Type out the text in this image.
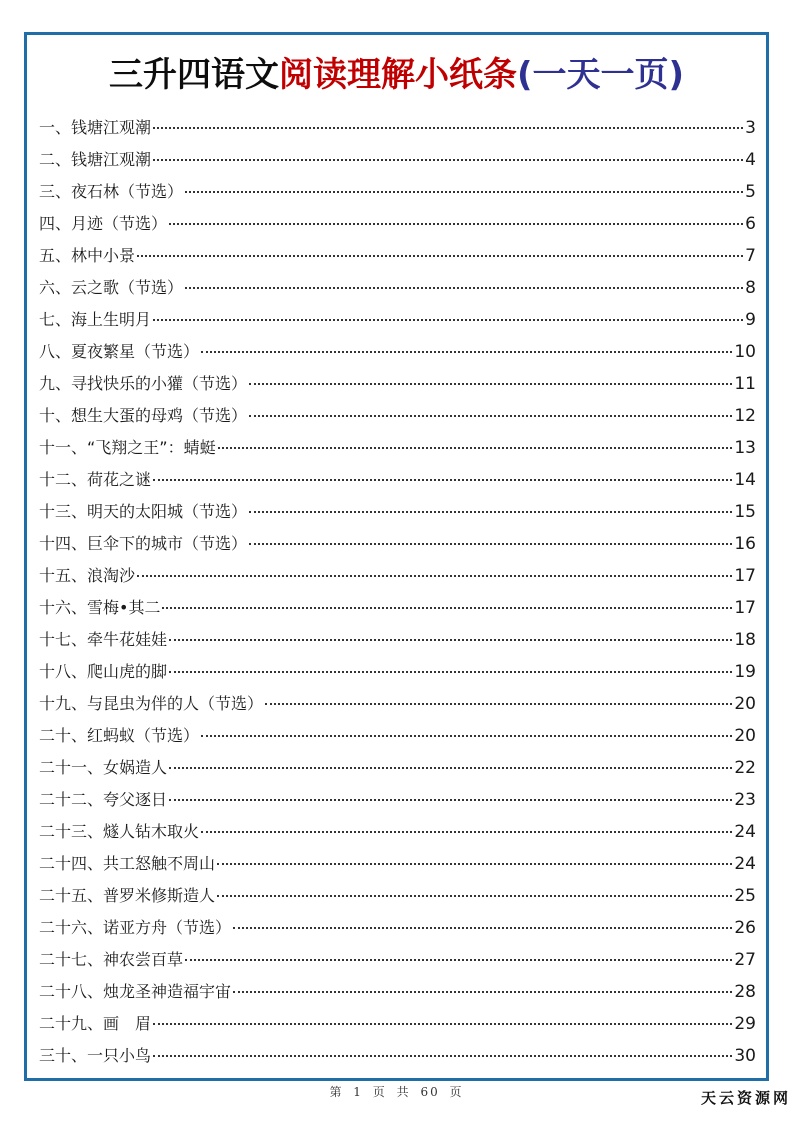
三升四语文阅读理解小纸条(一天一页)
一、钱塘江观潮	3
二、钱塘江观潮	4
三、夜石林（节选）	5
四、月迹（节选）	6
五、林中小景	7
六、云之歌（节选）	8
七、海上生明月	9
八、夏夜繁星（节选）	10
九、寻找快乐的小獾（节选）	11
十、想生大蛋的母鸡（节选）	12
十一、“飞翔之王”：蜻蜓	13
十二、荷花之谜	14
十三、明天的太阳城（节选）	15
十四、巨伞下的城市（节选）	16
十五、浪淘沙	17
十六、雪梅•其二	17
十七、牵牛花娃娃	18
十八、爬山虎的脚	19
十九、与昆虫为伴的人（节选）	20
二十、红蚂蚁（节选）	20
二十一、女娲造人	22
二十二、夸父逐日	23
二十三、燧人钻木取火	24
二十四、共工怒触不周山	24
二十五、普罗米修斯造人	25
二十六、诺亚方舟（节选）	26
二十七、神农尝百草	27
二十八、烛龙圣神造福宇宙	28
二十九、画　眉	29
三十、一只小鸟	30
第 1 页 共 60 页	天云资源网
